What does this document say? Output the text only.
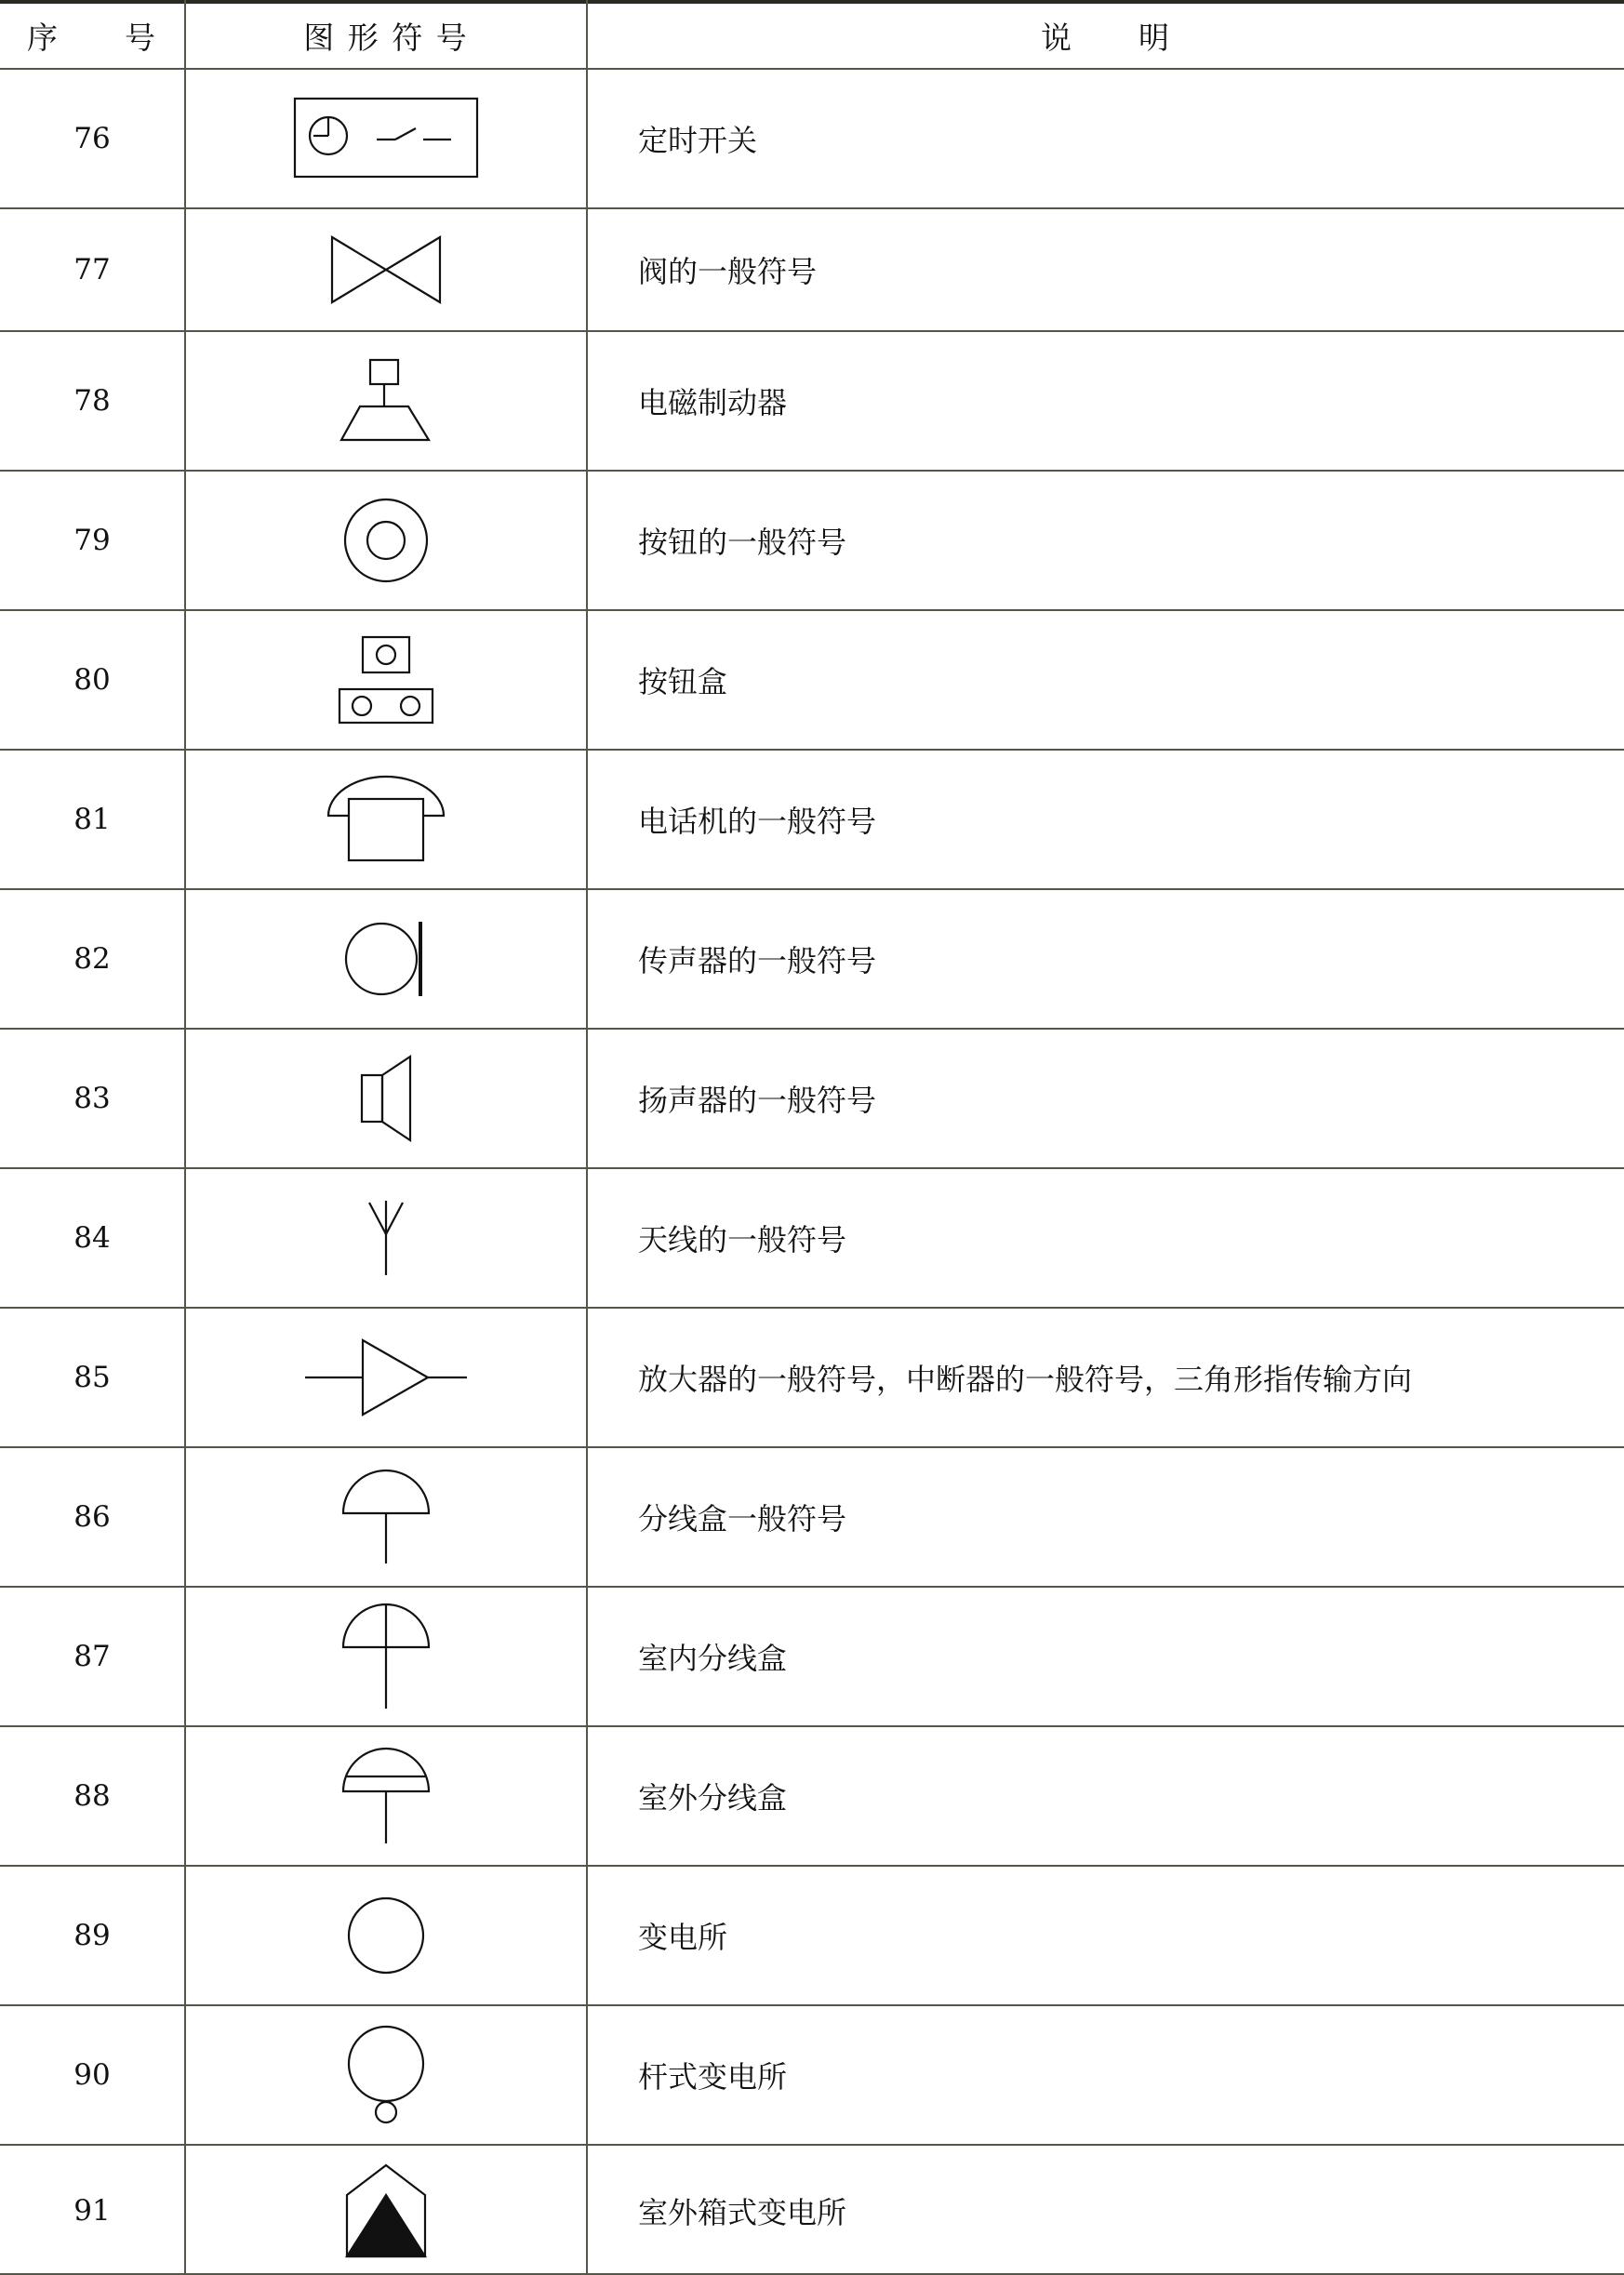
序　　号	图 形 符 号	说　　明
76	定时开关
77	阀的一般符号
78	电磁制动器
79	按钮的一般符号
80	按钮盒
81	电话机的一般符号
82	传声器的一般符号
83	扬声器的一般符号
84	天线的一般符号
85	放大器的一般符号，中断器的一般符号，三角形指传输方向
86	分线盒一般符号
87	室内分线盒
88	室外分线盒
89	变电所
90	杆式变电所
91	室外箱式变电所
